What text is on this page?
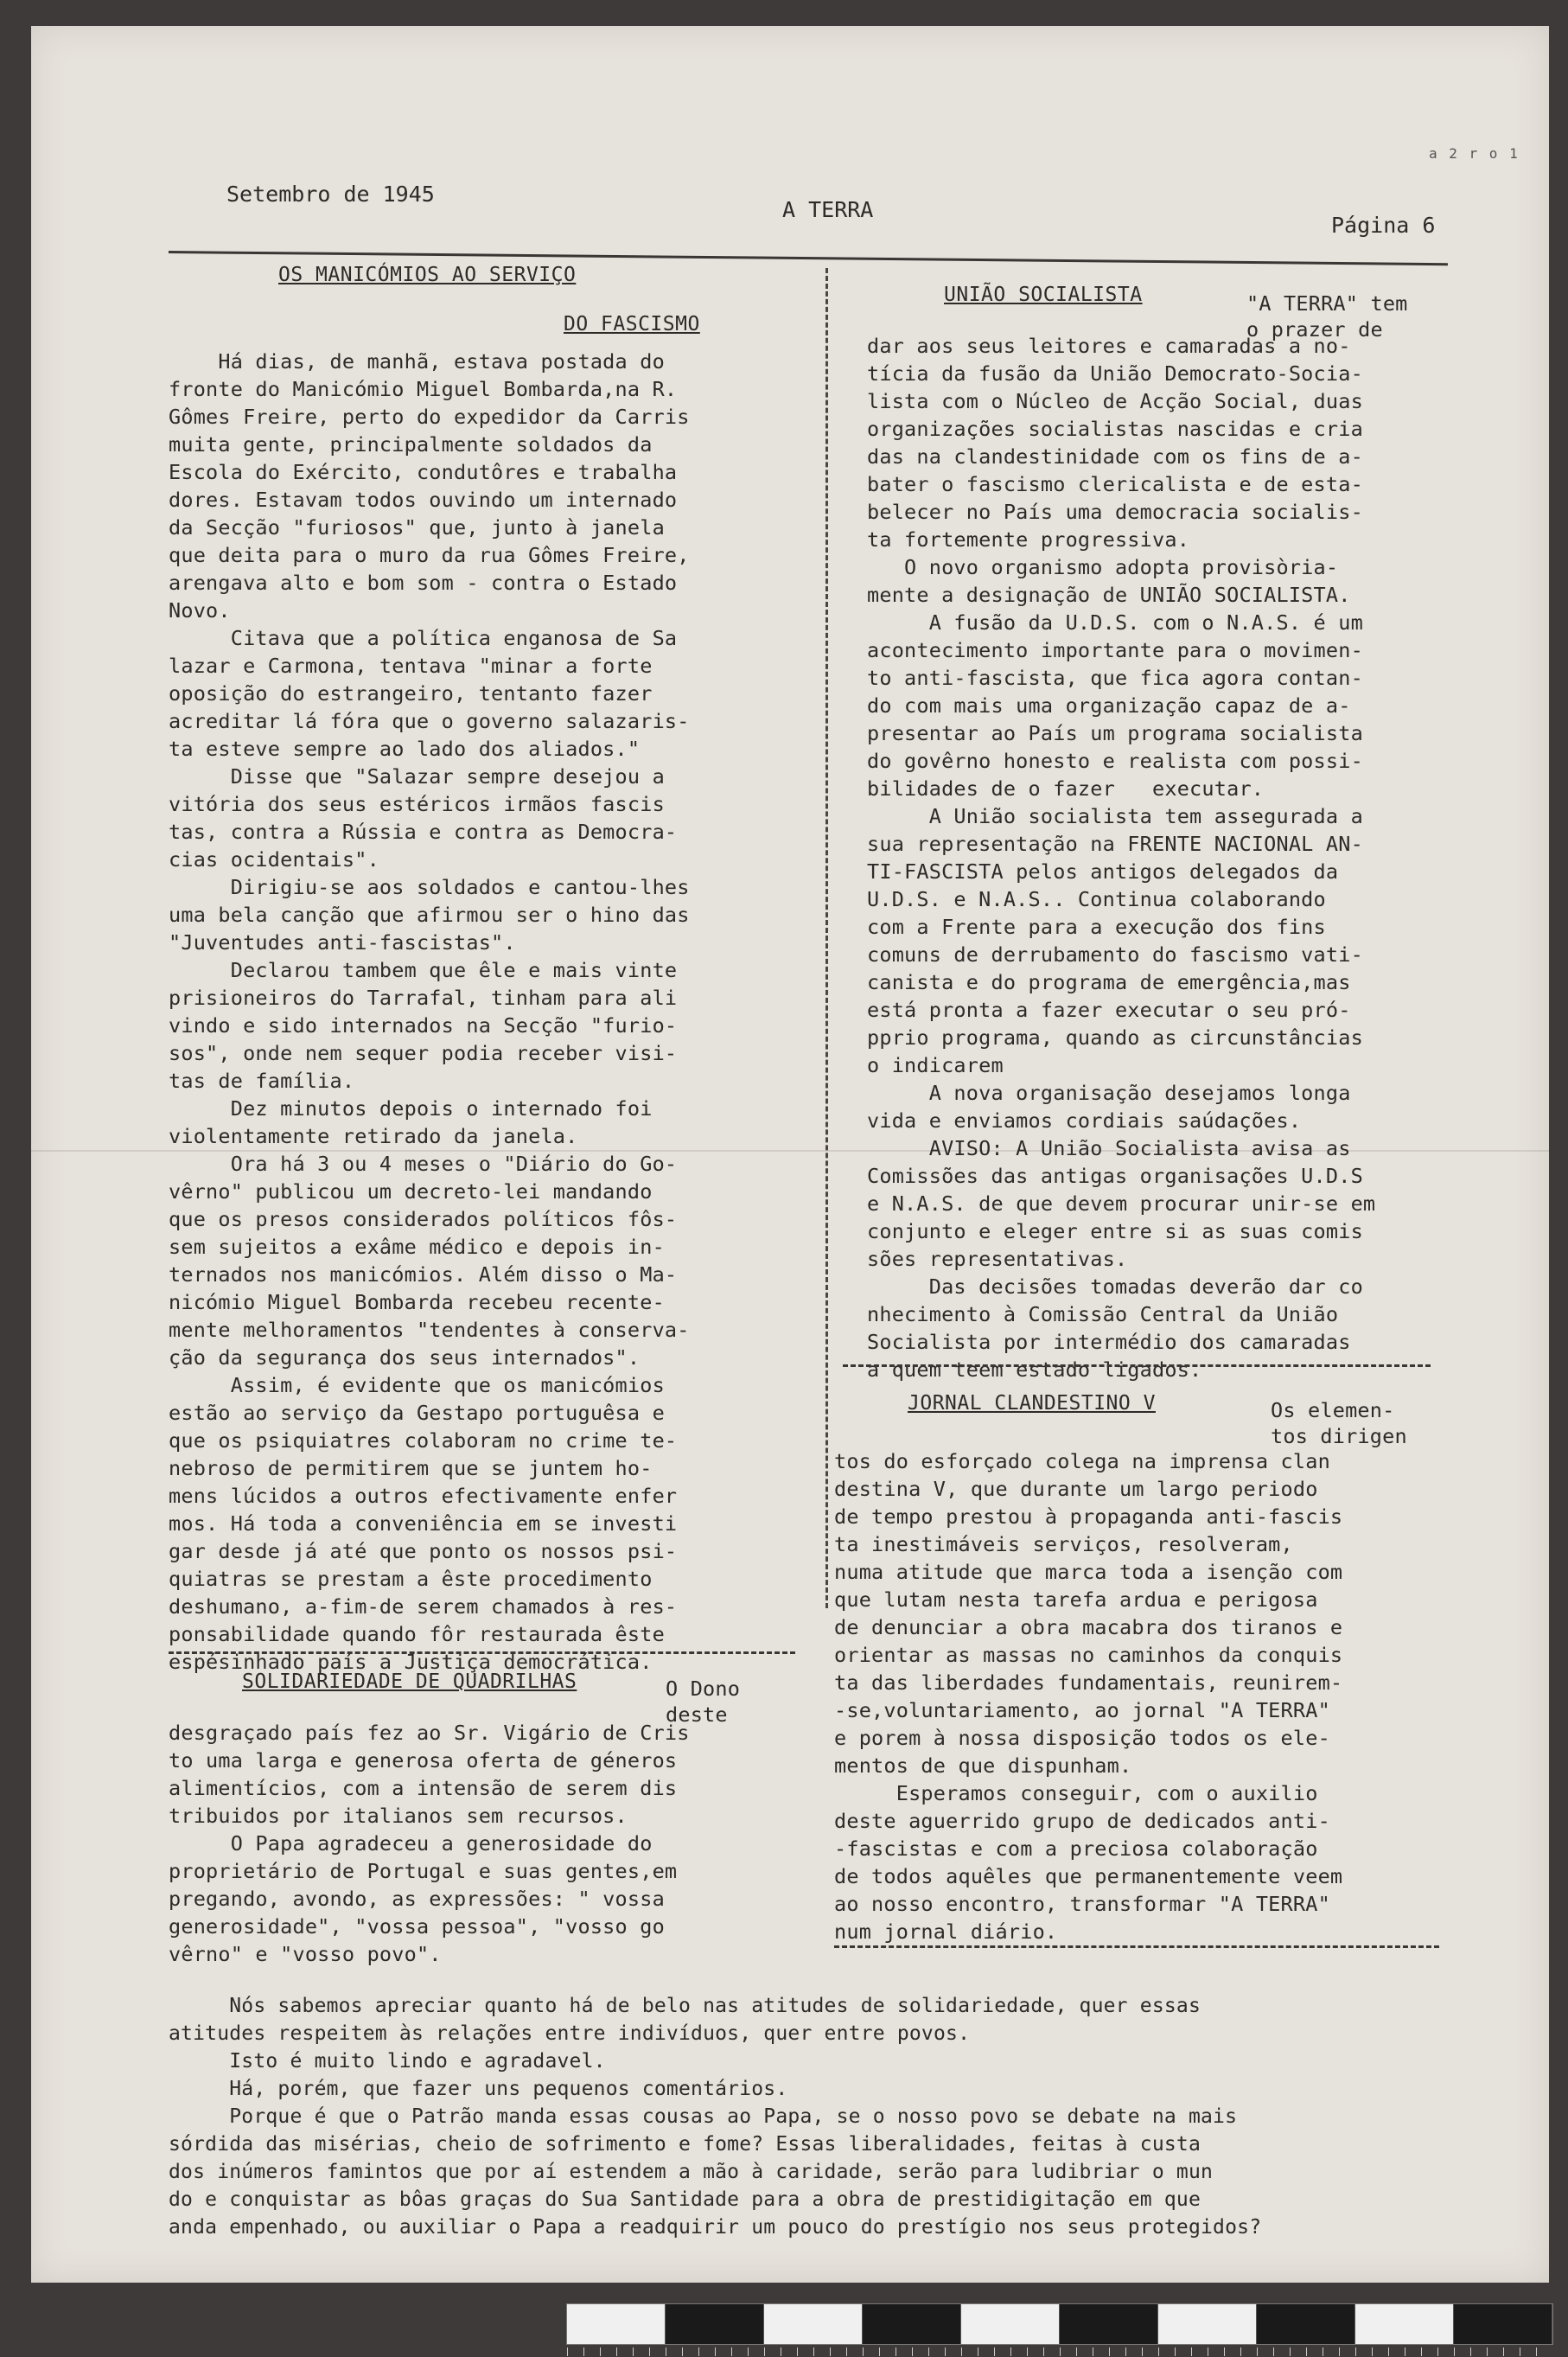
a 2 r o 1
Setembro de 1945
A TERRA
Página 6
OS MANICÓMIOS AO SERVIÇO
DO FASCISMO
Há dias, de manhã, estava postada do
fronte do Manicómio Miguel Bombarda,na R.
Gômes Freire, perto do expedidor da Carris
muita gente, principalmente soldados da
Escola do Exército, condutôres e trabalha
dores. Estavam todos ouvindo um internado
da Secção "furiosos" que, junto à janela
que deita para o muro da rua Gômes Freire,
arengava alto e bom som - contra o Estado
Novo.
Citava que a política enganosa de Sa
lazar e Carmona, tentava "minar a forte
oposição do estrangeiro, tentanto fazer
acreditar lá fóra que o governo salazaris-
ta esteve sempre ao lado dos aliados."
Disse que "Salazar sempre desejou a
vitória dos seus estéricos irmãos fascis
tas, contra a Rússia e contra as Democra-
cias ocidentais".
Dirigiu-se aos soldados e cantou-lhes
uma bela canção que afirmou ser o hino das
"Juventudes anti-fascistas".
Declarou tambem que êle e mais vinte
prisioneiros do Tarrafal, tinham para ali
vindo e sido internados na Secção "furio-
sos", onde nem sequer podia receber visi-
tas de família.
Dez minutos depois o internado foi
violentamente retirado da janela.
Ora há 3 ou 4 meses o "Diário do Go-
vêrno" publicou um decreto-lei mandando
que os presos considerados políticos fôs-
sem sujeitos a exâme médico e depois in-
ternados nos manicómios. Além disso o Ma-
nicómio Miguel Bombarda recebeu recente-
mente melhoramentos "tendentes à conserva-
ção da segurança dos seus internados".
Assim, é evidente que os manicómios
estão ao serviço da Gestapo portuguêsa e
que os psiquiatres colaboram no crime te-
nebroso de permitirem que se juntem ho-
mens lúcidos a outros efectivamente enfer
mos. Há toda a conveniência em se investi
gar desde já até que ponto os nossos psi-
quiatras se prestam a êste procedimento
deshumano, a-fim-de serem chamados à res-
ponsabilidade quando fôr restaurada êste
espésinhado país a Justiça democrática.
SOLIDARIEDADE DE QUADRILHAS	O Dono
deste
desgraçado país fez ao Sr. Vigário de Cris
to uma larga e generosa oferta de géneros
alimentícios, com a intensão de serem dis
tribuidos por italianos sem recursos.
O Papa agradeceu a generosidade do
proprietário de Portugal e suas gentes,em
pregando, avondo, as expressões: " vossa
generosidade", "vossa pessoa", "vosso go
vêrno" e "vosso povo".
UNIÃO SOCIALISTA	"A TERRA" tem
o prazer de
dar aos seus leitores e camaradas a no-
tícia da fusão da União Democrato-Socia-
lista com o Núcleo de Acção Social, duas
organizações socialistas nascidas e cria
das na clandestinidade com os fins de a-
bater o fascismo clericalista e de esta-
belecer no País uma democracia socialis-
ta fortemente progressiva.
O novo organismo adopta provisòria-
mente a designação de UNIÃO SOCIALISTA.
A fusão da U.D.S. com o N.A.S. é um
acontecimento importante para o movimen-
to anti-fascista, que fica agora contan-
do com mais uma organização capaz de a-
presentar ao País um programa socialista
do govêrno honesto e realista com possi-
bilidades de o fazer   executar.
A União socialista tem assegurada a
sua representação na FRENTE NACIONAL AN-
TI-FASCISTA pelos antigos delegados da
U.D.S. e N.A.S.. Continua colaborando
com a Frente para a execução dos fins
comuns de derrubamento do fascismo vati-
canista e do programa de emergência,mas
está pronta a fazer executar o seu pró-
pprio programa, quando as circunstâncias
o indicarem
A nova organisação desejamos longa
vida e enviamos cordiais saúdações.
AVISO: A União Socialista avisa as
Comissões das antigas organisações U.D.S
e N.A.S. de que devem procurar unir-se em
conjunto e eleger entre si as suas comis
sões representativas.
Das decisões tomadas deverão dar co
nhecimento à Comissão Central da União
Socialista por intermédio dos camaradas
a quem teem estado ligados.
JORNAL CLANDESTINO V	Os elemen-
tos dirigen
tos do esforçado colega na imprensa clan
destina V, que durante um largo periodo
de tempo prestou à propaganda anti-fascis
ta inestimáveis serviços, resolveram,
numa atitude que marca toda a isenção com
que lutam nesta tarefa ardua e perigosa
de denunciar a obra macabra dos tiranos e
orientar as massas no caminhos da conquis
ta das liberdades fundamentais, reunirem-
-se,voluntariamento, ao jornal "A TERRA"
e porem à nossa disposição todos os ele-
mentos de que dispunham.
Esperamos conseguir, com o auxilio
deste aguerrido grupo de dedicados anti-
-fascistas e com a preciosa colaboração
de todos aquêles que permanentemente veem
ao nosso encontro, transformar "A TERRA"
num jornal diário.
Nós sabemos apreciar quanto há de belo nas atitudes de solidariedade, quer essas
atitudes respeitem às relações entre indivíduos, quer entre povos.
Isto é muito lindo e agradavel.
Há, porém, que fazer uns pequenos comentários.
Porque é que o Patrão manda essas cousas ao Papa, se o nosso povo se debate na mais
sórdida das misérias, cheio de sofrimento e fome? Essas liberalidades, feitas à custa
dos inúmeros famintos que por aí estendem a mão à caridade, serão para ludibriar o mun
do e conquistar as bôas graças do Sua Santidade para a obra de prestidigitação em que
anda empenhado, ou auxiliar o Papa a readquirir um pouco do prestígio nos seus protegidos?
